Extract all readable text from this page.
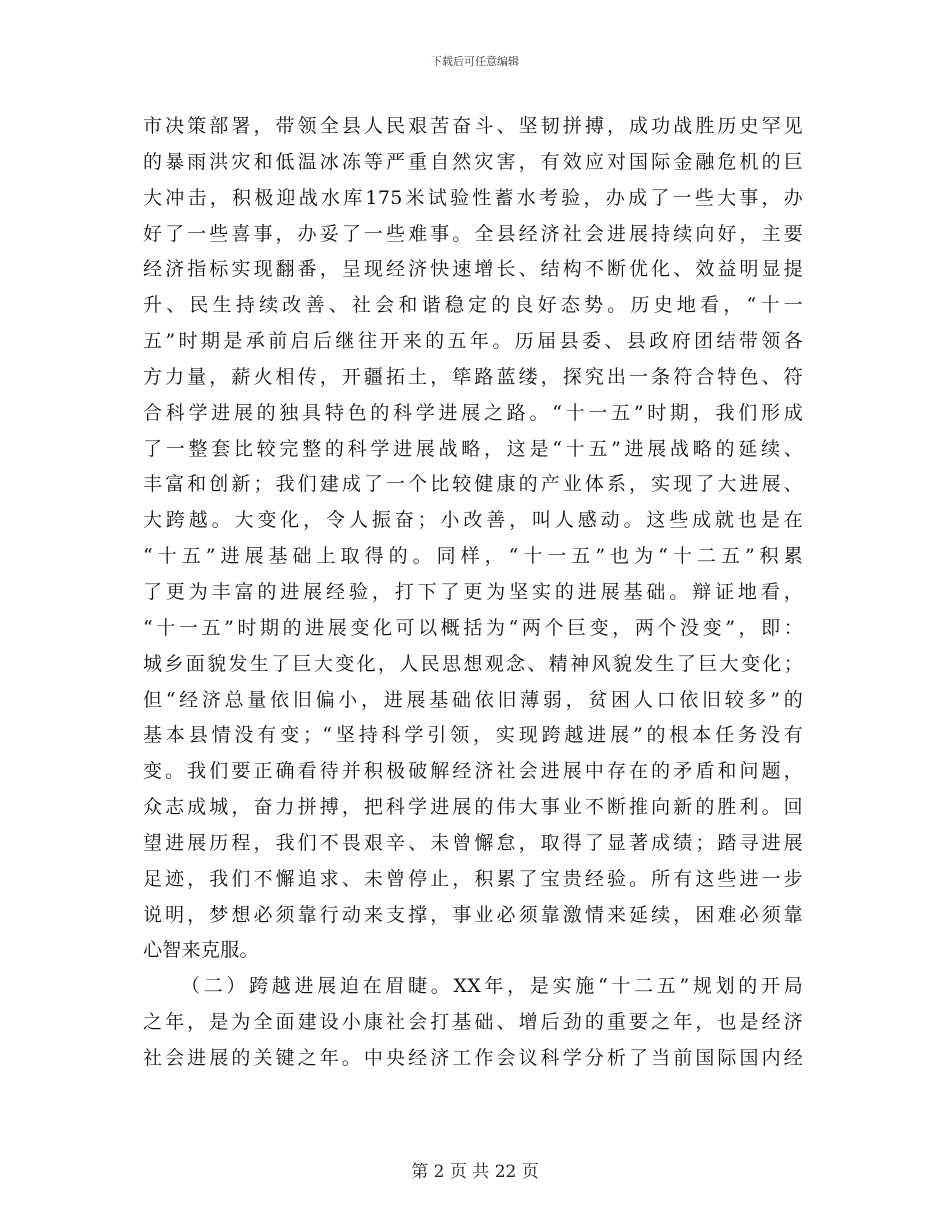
下载后可任意编辑
市决策部署，带领全县人民艰苦奋斗、坚韧拼搏，成功战胜历史罕见
的暴雨洪灾和低温冰冻等严重自然灾害，有效应对国际金融危机的巨
大冲击，积极迎战水库175米试验性蓄水考验，办成了一些大事，办
好了一些喜事，办妥了一些难事。全县经济社会进展持续向好，主要
经济指标实现翻番，呈现经济快速增长、结构不断优化、效益明显提
升、民生持续改善、社会和谐稳定的良好态势。历史地看，“十一
五”时期是承前启后继往开来的五年。历届县委、县政府团结带领各
方力量，薪火相传，开疆拓土，筚路蓝缕，探究出一条符合特色、符
合科学进展的独具特色的科学进展之路。“十一五”时期，我们形成
了一整套比较完整的科学进展战略，这是“十五”进展战略的延续、
丰富和创新；我们建成了一个比较健康的产业体系，实现了大进展、
大跨越。大变化，令人振奋；小改善，叫人感动。这些成就也是在
“十五”进展基础上取得的。同样，“十一五”也为“十二五”积累
了更为丰富的进展经验，打下了更为坚实的进展基础。辩证地看，
“十一五”时期的进展变化可以概括为“两个巨变，两个没变”，即：
城乡面貌发生了巨大变化，人民思想观念、精神风貌发生了巨大变化；
但“经济总量依旧偏小，进展基础依旧薄弱，贫困人口依旧较多”的
基本县情没有变；“坚持科学引领，实现跨越进展”的根本任务没有
变。我们要正确看待并积极破解经济社会进展中存在的矛盾和问题，
众志成城，奋力拼搏，把科学进展的伟大事业不断推向新的胜利。回
望进展历程，我们不畏艰辛、未曾懈怠，取得了显著成绩；踏寻进展
足迹，我们不懈追求、未曾停止，积累了宝贵经验。所有这些进一步
说明，梦想必须靠行动来支撑，事业必须靠激情来延续，困难必须靠
心智来克服。
（二）跨越进展迫在眉睫。XX年，是实施“十二五”规划的开局
之年，是为全面建设小康社会打基础、增后劲的重要之年，也是经济
社会进展的关键之年。中央经济工作会议科学分析了当前国际国内经
第 2 页 共 22 页
